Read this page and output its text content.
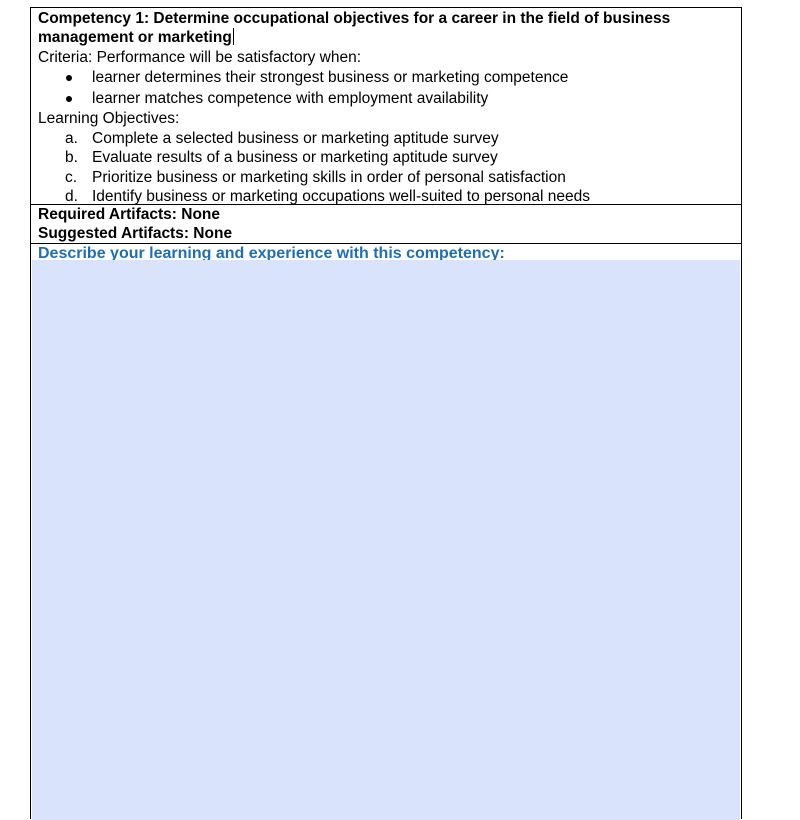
Competency 1: Determine occupational objectives for a career in the field of business
management or marketing
Criteria: Performance will be satisfactory when:
learner determines their strongest business or marketing competence
learner matches competence with employment availability
Learning Objectives:
a. Complete a selected business or marketing aptitude survey
b. Evaluate results of a business or marketing aptitude survey
c. Prioritize business or marketing skills in order of personal satisfaction
d. Identify business or marketing occupations well-suited to personal needs
Required Artifacts: None
Suggested Artifacts: None
Describe your learning and experience with this competency:
